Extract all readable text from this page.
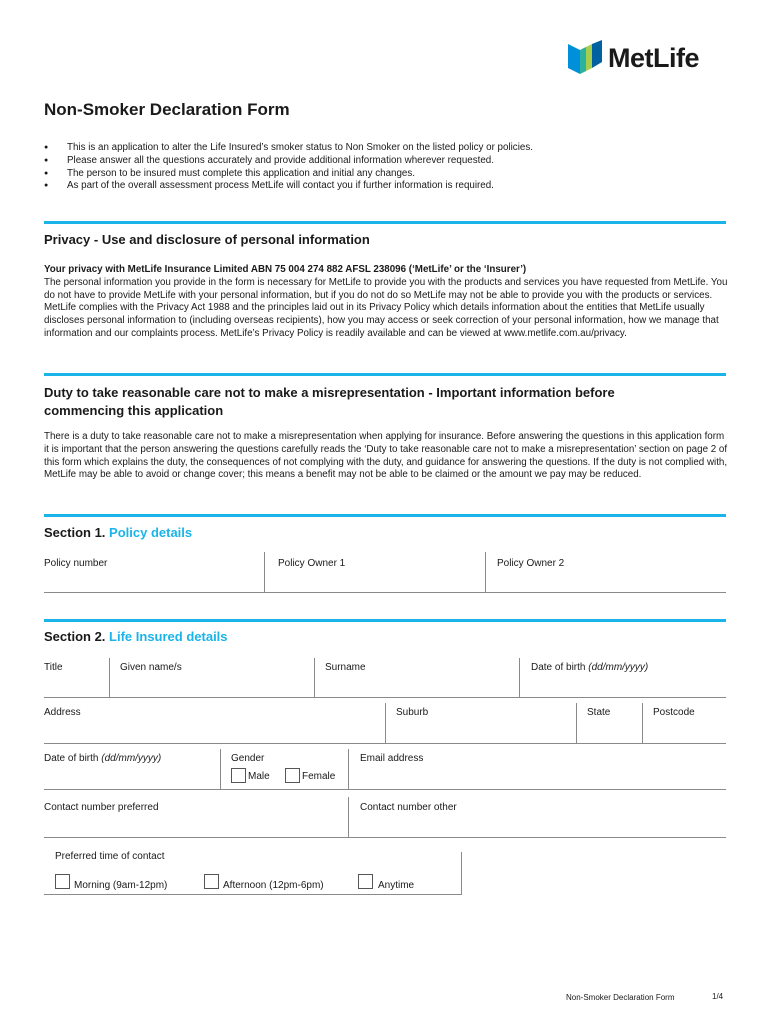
MetLife
Non-Smoker Declaration Form
● This is an application to alter the Life Insured’s smoker status to Non Smoker on the listed policy or policies.
● Please answer all the questions accurately and provide additional information wherever requested.
● The person to be insured must complete this application and initial any changes.
● As part of the overall assessment process MetLife will contact you if further information is required.
Privacy - Use and disclosure of personal information
Your privacy with MetLife Insurance Limited ABN 75 004 274 882 AFSL 238096 (‘MetLife’ or the ‘Insurer’)
The personal information you provide in the form is necessary for MetLife to provide you with the products and services you have requested from MetLife. You do not have to provide MetLife with your personal information, but if you do not do so MetLife may not be able to provide you with the products or services. MetLife complies with the Privacy Act 1988 and the principles laid out in its Privacy Policy which details information about the entities that MetLife usually discloses personal information to (including overseas recipients), how you may access or seek correction of your personal information, how we manage that information and our complaints process. MetLife’s Privacy Policy is readily available and can be viewed at www.metlife.com.au/privacy.
Duty to take reasonable care not to make a misrepresentation - Important information before commencing this application
There is a duty to take reasonable care not to make a misrepresentation when applying for insurance. Before answering the questions in this application form it is important that the person answering the questions carefully reads the ‘Duty to take reasonable care not to make a misrepresentation’ section on page 2 of this form which explains the duty, the consequences of not complying with the duty, and guidance for answering the questions. If the duty is not complied with, MetLife may be able to avoid or change cover; this means a benefit may not be able to be claimed or the amount we pay may be reduced.
Section 1. Policy details
Policy number	Policy Owner 1	Policy Owner 2
Section 2. Life Insured details
Title	Given name/s	Surname	Date of birth (dd/mm/yyyy)
Address	Suburb	State	Postcode
Date of birth (dd/mm/yyyy)	Gender	Email address
Male	Female
Contact number preferred	Contact number other
Preferred time of contact
Morning (9am-12pm)	Afternoon (12pm-6pm)	Anytime
Non-Smoker Declaration Form	1/4
